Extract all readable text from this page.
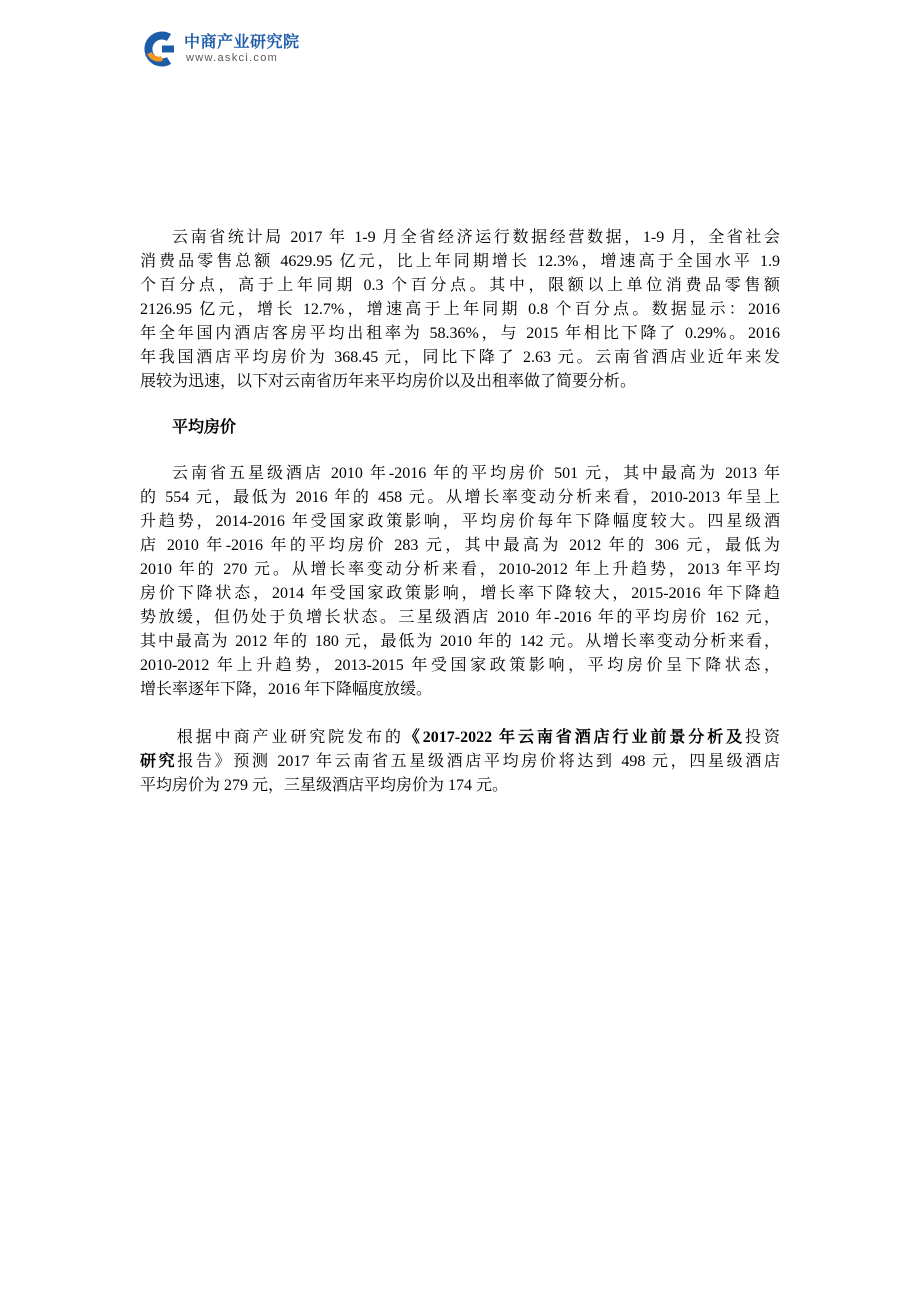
中商产业研究院
www.askci.com
云南省统计局 2017 年 1-9 月全省经济运行数据经营数据，1-9 月，全省社会
消费品零售总额 4629.95 亿元，比上年同期增长 12.3%，增速高于全国水平 1.9
个百分点，高于上年同期 0.3 个百分点。其中，限额以上单位消费品零售额
2126.95 亿元，增长 12.7%，增速高于上年同期 0.8 个百分点。数据显示：2016
年全年国内酒店客房平均出租率为 58.36%，与 2015 年相比下降了 0.29%。2016
年我国酒店平均房价为 368.45 元，同比下降了 2.63 元。云南省酒店业近年来发
展较为迅速，以下对云南省历年来平均房价以及出租率做了简要分析。
平均房价
云南省五星级酒店 2010 年-2016 年的平均房价 501 元，其中最高为 2013 年
的 554 元，最低为 2016 年的 458 元。从增长率变动分析来看，2010-2013 年呈上
升趋势，2014-2016 年受国家政策影响，平均房价每年下降幅度较大。四星级酒
店 2010 年-2016 年的平均房价 283 元，其中最高为 2012 年的 306 元，最低为
2010 年的 270 元。从增长率变动分析来看，2010-2012 年上升趋势，2013 年平均
房价下降状态，2014 年受国家政策影响，增长率下降较大，2015-2016 年下降趋
势放缓，但仍处于负增长状态。三星级酒店 2010 年-2016 年的平均房价 162 元，
其中最高为 2012 年的 180 元，最低为 2010 年的 142 元。从增长率变动分析来看，
2010-2012 年上升趋势，2013-2015 年受国家政策影响，平均房价呈下降状态，
增长率逐年下降，2016 年下降幅度放缓。
根据中商产业研究院发布的《2017-2022 年云南省酒店行业前景分析及投资
研究报告》预测 2017 年云南省五星级酒店平均房价将达到 498 元，四星级酒店
平均房价为 279 元，三星级酒店平均房价为 174 元。
